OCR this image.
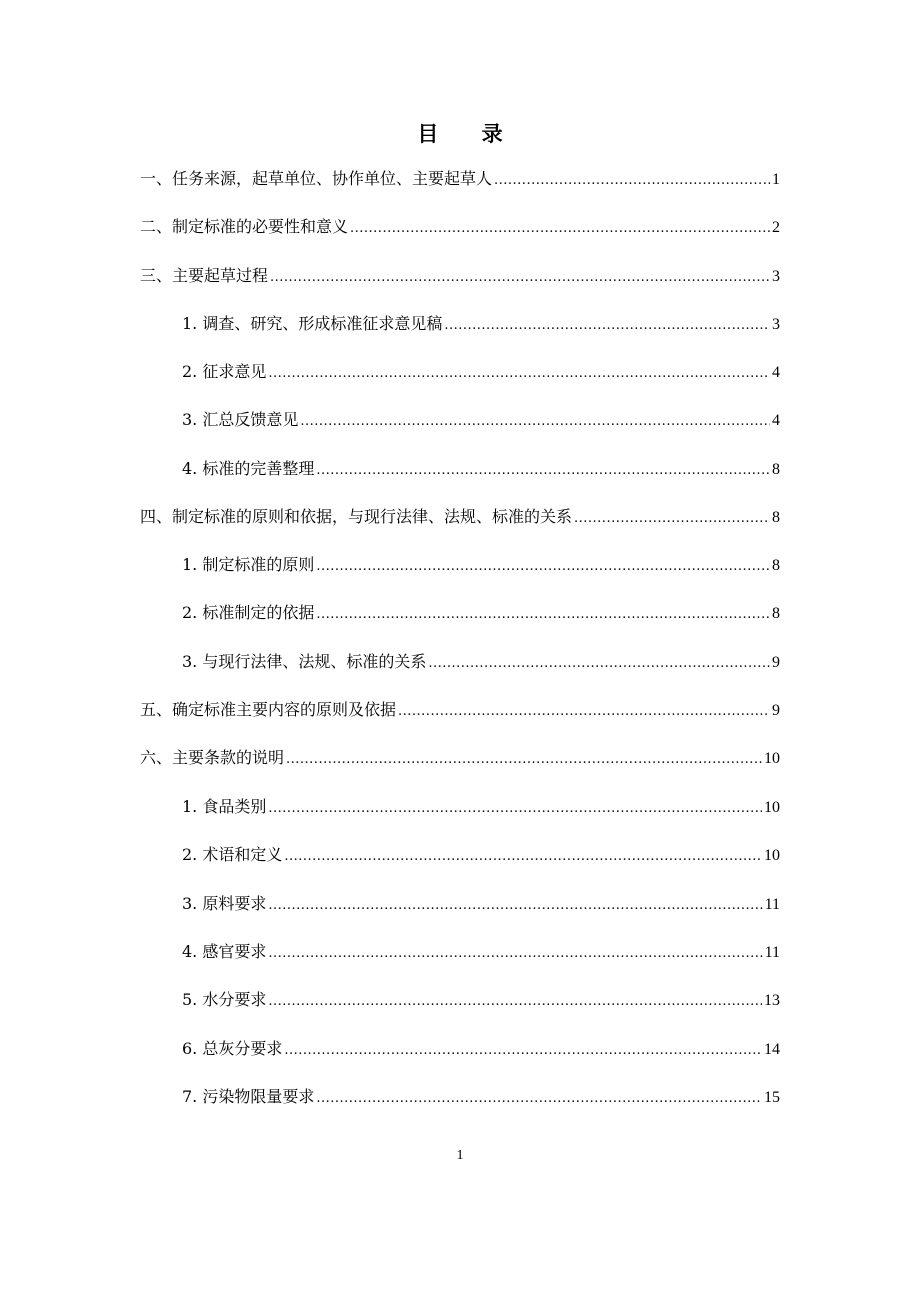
目 录
一、任务来源，起草单位、协作单位、主要起草人 .....	1
二、制定标准的必要性和意义 .....	2
三、主要起草过程 .....	3
1. 调查、研究、形成标准征求意见稿 .....	3
2. 征求意见 .....	4
3. 汇总反馈意见 .....	4
4. 标准的完善整理 .....	8
四、制定标准的原则和依据，与现行法律、法规、标准的关系 .....	8
1. 制定标准的原则 .....	8
2. 标准制定的依据 .....	8
3. 与现行法律、法规、标准的关系 .....	9
五、确定标准主要内容的原则及依据 .....	9
六、主要条款的说明 .....	10
1. 食品类别 .....	10
2. 术语和定义 .....	10
3. 原料要求 .....	11
4. 感官要求 .....	11
5. 水分要求 .....	13
6. 总灰分要求 .....	14
7. 污染物限量要求 .....	15
1
